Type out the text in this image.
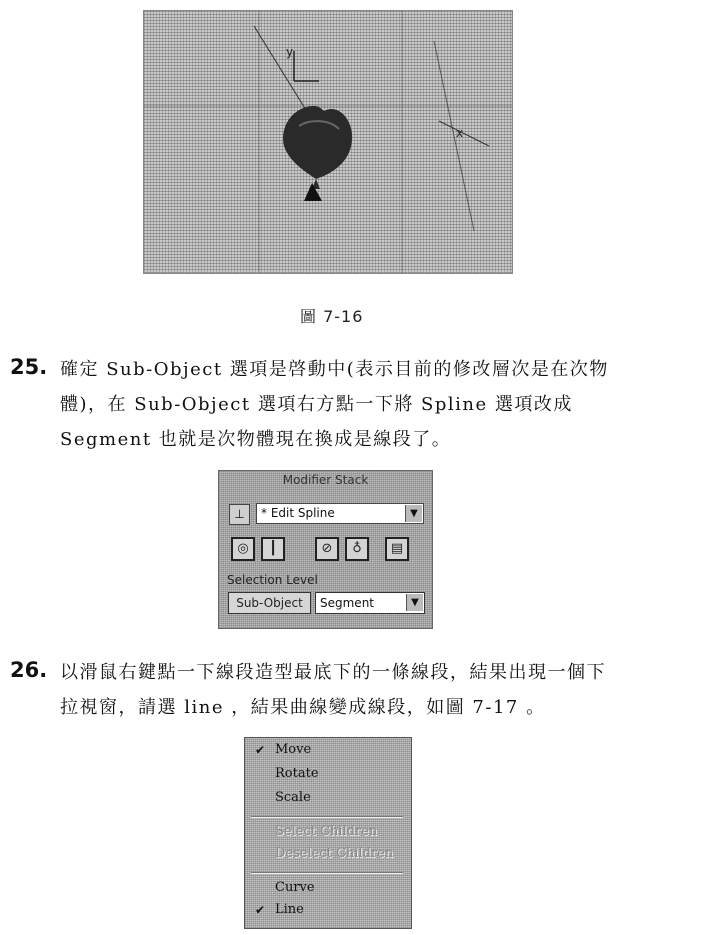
y
x
圖 7-16
25. 確定 Sub-Object 選項是啓動中(表示目前的修改層次是在次物
體)，在 Sub-Object 選項右方點一下將 Spline 選項改成
Segment 也就是次物體現在換成是線段了。
Modifier Stack
⊥	* Edit Spline	▼
◎	┃	⊘	♁	▤
Selection Level
Sub-Object	Segment	▼
26. 以滑鼠右鍵點一下線段造型最底下的一條線段，結果出現一個下
拉視窗，請選 line ，結果曲線變成線段，如圖 7-17 。
✔ Move
Rotate
Scale
Select Children
Deselect Children
Curve
✔ Line
